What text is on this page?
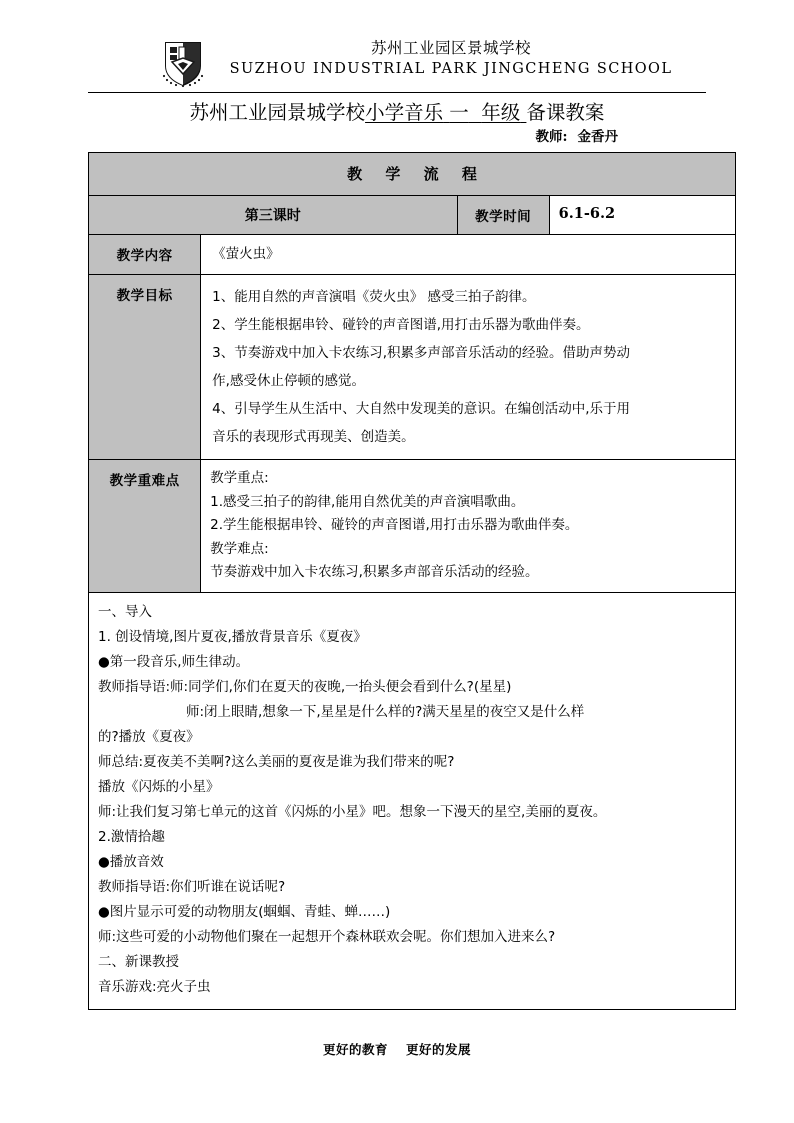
苏州工业园区景城学校
SUZHOU INDUSTRIAL PARK JINGCHENG SCHOOL
苏州工业园景城学校小学音乐 一 年级 备课教案
教师: 金香丹
教 学 流 程			
第三课时		教学时间	6.1-6.2
教学内容	《萤火虫》		
教学目标	1、能用自然的声音演唱《荧火虫》 感受三拍子韵律。

2、学生能根据串铃、碰铃的声音图谱,用打击乐器为歌曲伴奏。

3、节奏游戏中加入卡农练习,积累多声部音乐活动的经验。借助声势动

作,感受休止停顿的感觉。

4、引导学生从生活中、大自然中发现美的意识。在编创活动中,乐于用

音乐的表现形式再现美、创造美。

教学重难点	教学重点:

1.感受三拍子的韵律,能用自然优美的声音演唱歌曲。

2.学生能根据串铃、碰铃的声音图谱,用打击乐器为歌曲伴奏。

教学难点:

节奏游戏中加入卡农练习,积累多声部音乐活动的经验。		

一、导入

1. 创设情境,图片夏夜,播放背景音乐《夏夜》

●第一段音乐,师生律动。

教师指导语:师:同学们,你们在夏天的夜晚,一抬头便会看到什么?(星星)

师:闭上眼睛,想象一下,星星是什么样的?满天星星的夜空又是什么样

的?播放《夏夜》

师总结:夏夜美不美啊?这么美丽的夏夜是谁为我们带来的呢?

播放《闪烁的小星》

师:让我们复习第七单元的这首《闪烁的小星》吧。想象一下漫天的星空,美丽的夏夜。

2.激情拾趣

●播放音效

教师指导语:你们听谁在说话呢?

●图片显示可爱的动物朋友(蝈蝈、青蛙、蝉……)

师:这些可爱的小动物他们聚在一起想开个森林联欢会呢。你们想加入进来么?

二、新课教授

音乐游戏:亮火子虫

更好的教育 更好的发展
